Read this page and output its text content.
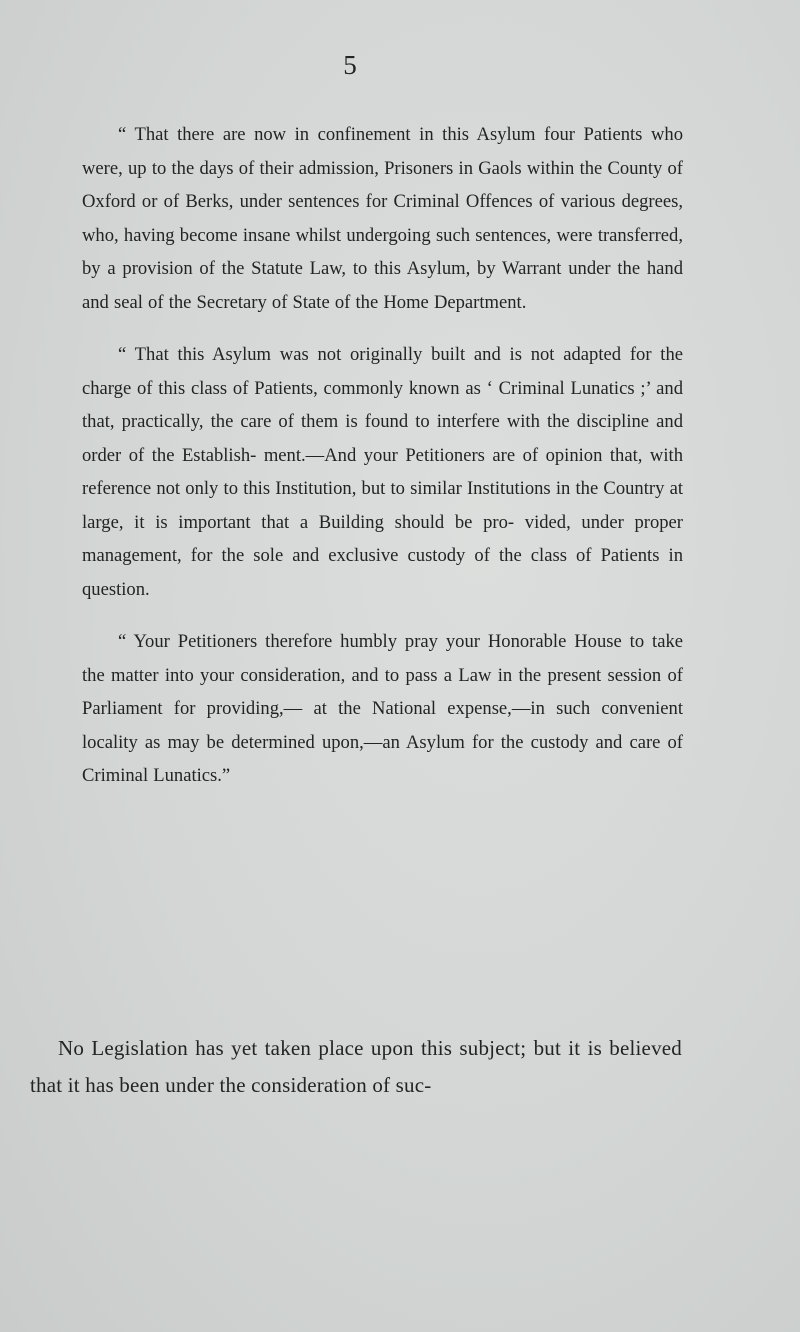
5

“ That there are now in confinement in this Asylum four Patients who were, up to the days of their admission, Prisoners in Gaols within the County of Oxford or of Berks, under sentences for Criminal Offences of various degrees, who, having become insane whilst undergoing such sentences, were transferred, by a provision of the Statute Law, to this Asylum, by Warrant under the hand and seal of the Secretary of State of the Home Department.

“ That this Asylum was not originally built and is not adapted for the charge of this class of Patients, commonly known as ‘ Criminal Lunatics ;’ and that, practically, the care of them is found to interfere with the discipline and order of the Establish- ment.—And your Petitioners are of opinion that, with reference not only to this Institution, but to similar Institutions in the Country at large, it is important that a Building should be pro- vided, under proper management, for the sole and exclusive custody of the class of Patients in question.

“ Your Petitioners therefore humbly pray your Honorable House to take the matter into your consideration, and to pass a Law in the present session of Parliament for providing,— at the National expense,—in such convenient locality as may be determined upon,—an Asylum for the custody and care of Criminal Lunatics.”

No Legislation has yet taken place upon this subject; but it is believed that it has been under the consideration of suc-
